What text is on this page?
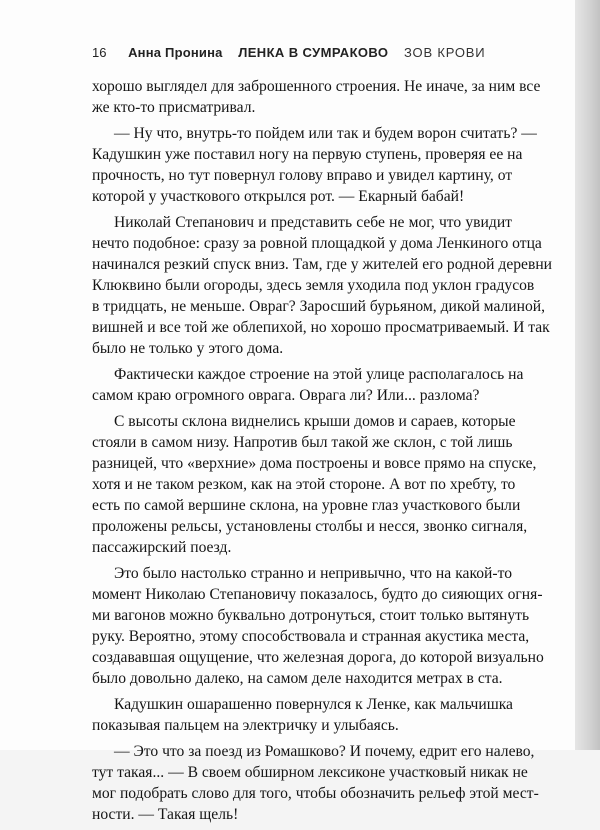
16 Анна Пронина ЛЕНКА В СУМРАКОВО ЗОВ КРОВИ
хорошо выглядел для заброшенного строения. Не иначе, за ним все
же кто-то присматривал.
— Ну что, внутрь-то пойдем или так и будем ворон считать? —
Кадушкин уже поставил ногу на первую ступень, проверяя ее на
прочность, но тут повернул голову вправо и увидел картину, от
которой у участкового открылся рот. — Екарный бабай!
Николай Степанович и представить себе не мог, что увидит
нечто подобное: сразу за ровной площадкой у дома Ленкиного отца
начинался резкий спуск вниз. Там, где у жителей его родной деревни
Клюквино были огороды, здесь земля уходила под уклон градусов
в тридцать, не меньше. Овраг? Заросший бурьяном, дикой малиной,
вишней и все той же облепихой, но хорошо просматриваемый. И так
было не только у этого дома.
Фактически каждое строение на этой улице располагалось на
самом краю огромного оврага. Оврага ли? Или... разлома?
С высоты склона виднелись крыши домов и сараев, которые
стояли в самом низу. Напротив был такой же склон, с той лишь
разницей, что «верхние» дома построены и вовсе прямо на спуске,
хотя и не таком резком, как на этой стороне. А вот по хребту, то
есть по самой вершине склона, на уровне глаз участкового были
проложены рельсы, установлены столбы и несся, звонко сигналя,
пассажирский поезд.
Это было настолько странно и непривычно, что на какой-то
момент Николаю Степановичу показалось, будто до сияющих огня-
ми вагонов можно буквально дотронуться, стоит только вытянуть
руку. Вероятно, этому способствовала и странная акустика места,
создававшая ощущение, что железная дорога, до которой визуально
было довольно далеко, на самом деле находится метрах в ста.
Кадушкин ошарашенно повернулся к Ленке, как мальчишка
показывая пальцем на электричку и улыбаясь.
— Это что за поезд из Ромашково? И почему, едрит его налево,
тут такая... — В своем обширном лексиконе участковый никак не
мог подобрать слово для того, чтобы обозначить рельеф этой мест-
ности. — Такая щель!
